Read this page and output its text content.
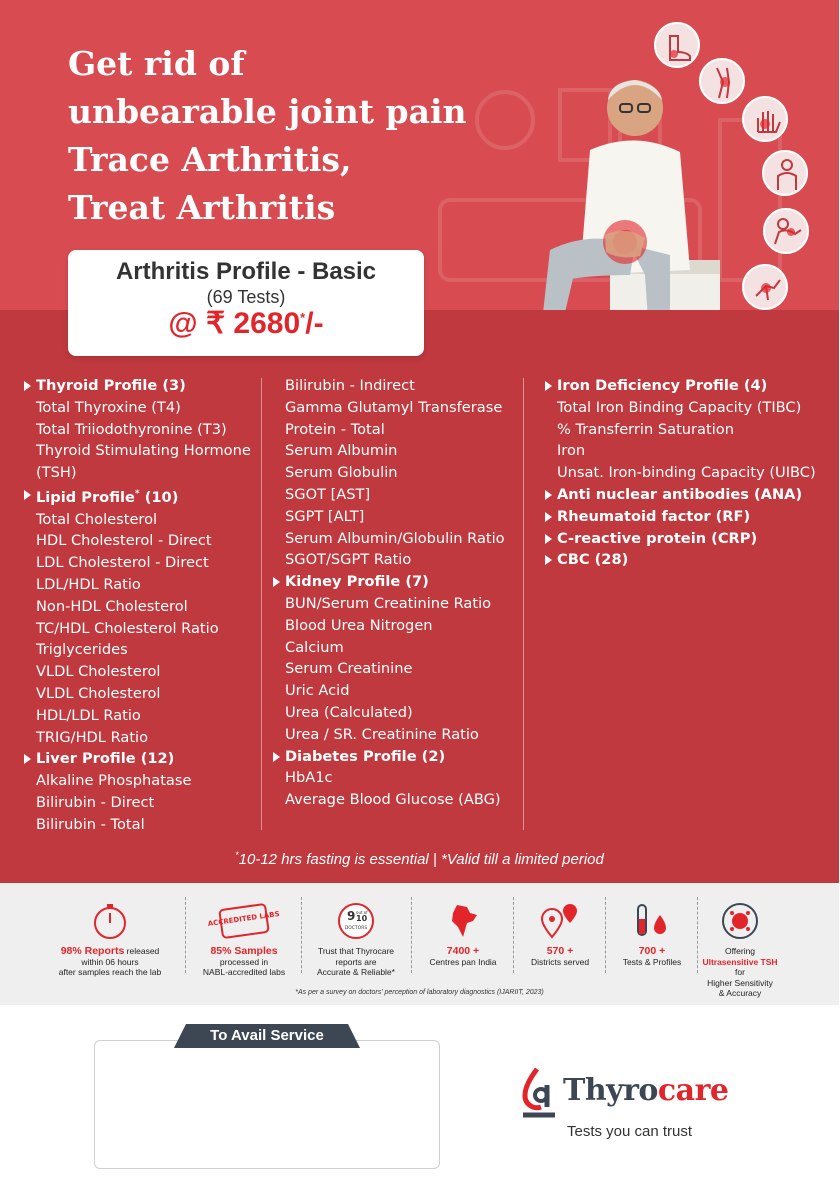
Get rid of
unbearable joint pain
Trace Arthritis,
Treat Arthritis
Arthritis Profile - Basic
(69 Tests)
@ ₹ 2680*/-
Thyroid Profile (3)
Total Thyroxine (T4)
Total Triiodothyronine (T3)
Thyroid Stimulating Hormone
(TSH)
Lipid Profile* (10)
Total Cholesterol
HDL Cholesterol - Direct
LDL Cholesterol - Direct
LDL/HDL Ratio
Non-HDL Cholesterol
TC/HDL Cholesterol Ratio
Triglycerides
VLDL Cholesterol
VLDL Cholesterol
HDL/LDL Ratio
TRIG/HDL Ratio
Liver Profile (12)
Alkaline Phosphatase
Bilirubin - Direct
Bilirubin - Total
Bilirubin - Indirect
Gamma Glutamyl Transferase
Protein - Total
Serum Albumin
Serum Globulin
SGOT [AST]
SGPT [ALT]
Serum Albumin/Globulin Ratio
SGOT/SGPT Ratio
Kidney Profile (7)
BUN/Serum Creatinine Ratio
Blood Urea Nitrogen
Calcium
Serum Creatinine
Uric Acid
Urea (Calculated)
Urea / SR. Creatinine Ratio
Diabetes Profile (2)
HbA1c
Average Blood Glucose (ABG)
Iron Deficiency Profile (4)
Total Iron Binding Capacity (TIBC)
% Transferrin Saturation
Iron
Unsat. Iron-binding Capacity (UIBC)
Anti nuclear antibodies (ANA)
Rheumatoid factor (RF)
C-reactive protein (CRP)
CBC (28)
*10-12 hrs fasting is essential | *Valid till a limited period
98% Reports released
within 06 hours
after samples reach the lab
ACCREDITED LABS
85% Samples
processed in
NABL-accredited labs
9 out of
10
DOCTORS
Trust that Thyrocare
reports are
Accurate & Reliable*
7400 +
Centres pan India
570 +
Districts served
700 +
Tests & Profiles
Offering
Ultrasensitive TSH for
Higher Sensitivity
& Accuracy
*As per a survey on doctors' perception of laboratory diagnostics (IJARIIT, 2023)
To Avail Service
Thyrocare
Tests you can trust
